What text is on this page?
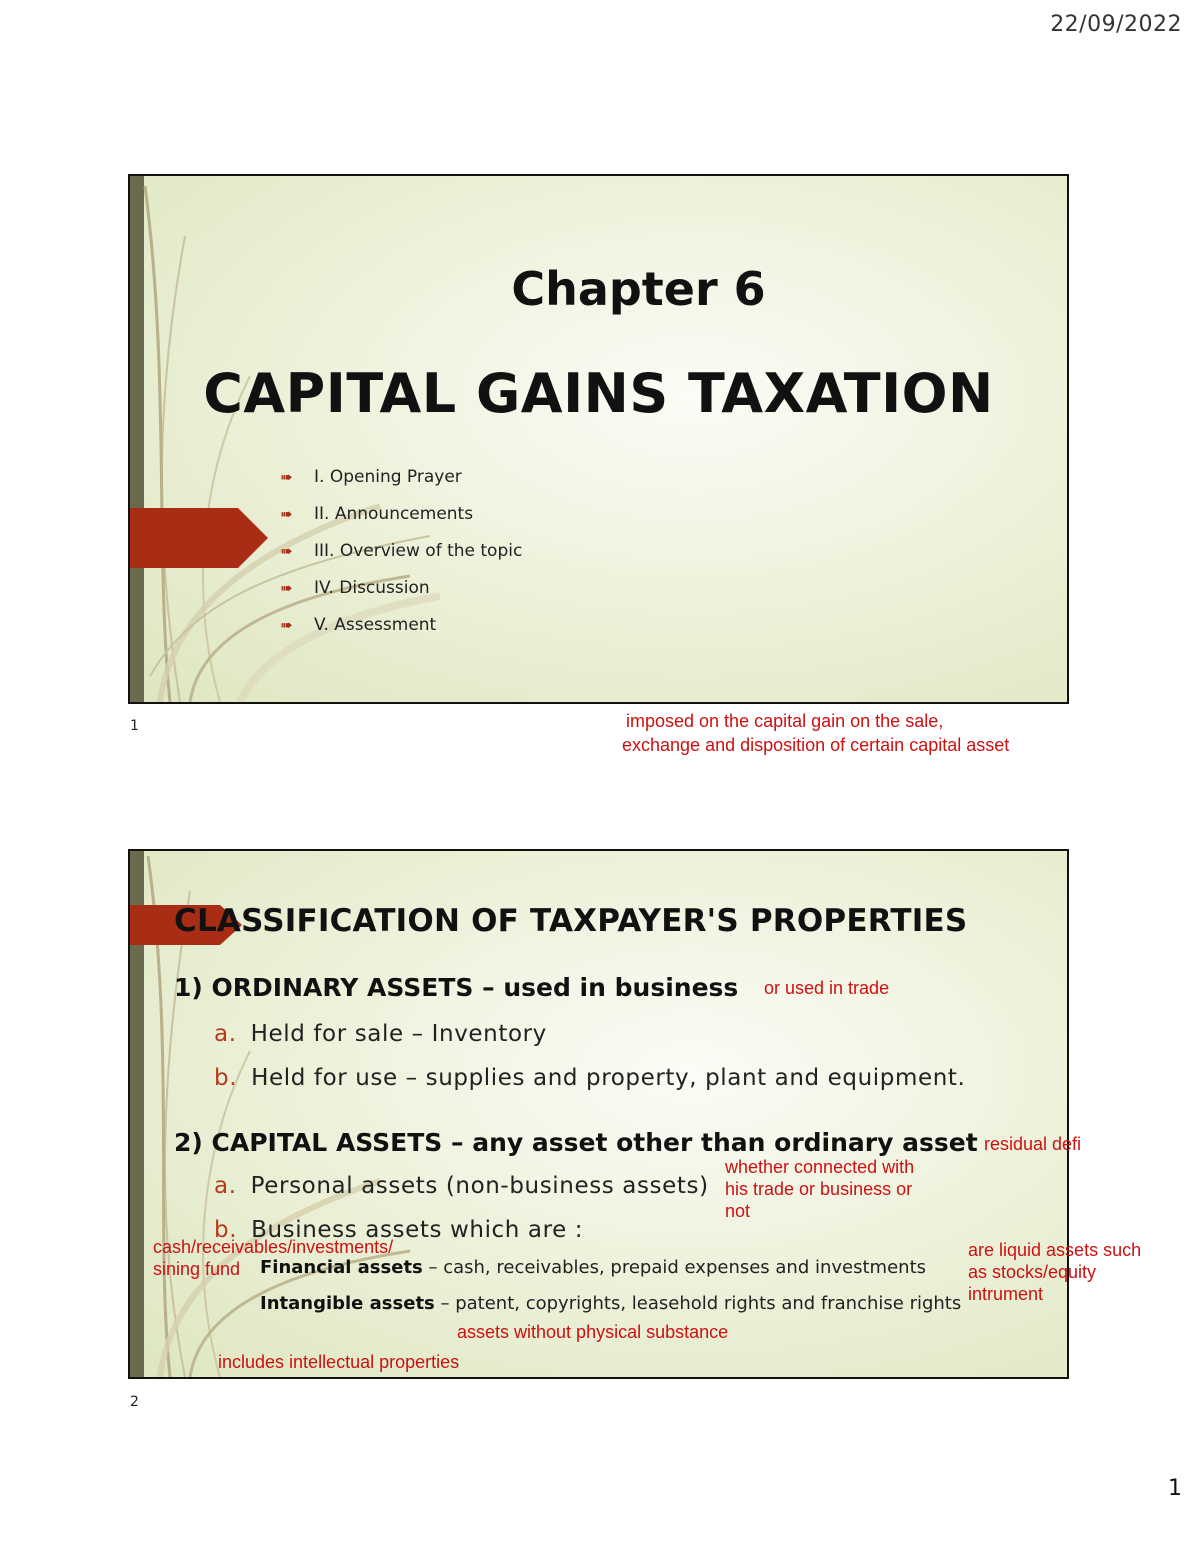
22/09/2022
Chapter 6
CAPITAL GAINS TAXATION
➠ I. Opening Prayer
➠ II. Announcements
➠ III. Overview of the topic
➠ IV. Discussion
➠ V. Assessment
1	imposed on the capital gain on the sale,
exchange and disposition of certain capital asset
CLASSIFICATION OF TAXPAYER'S PROPERTIES
1) ORDINARY ASSETS – used in business
a. Held for sale – Inventory
b. Held for use – supplies and property, plant and equipment.
2) CAPITAL ASSETS – any asset other than ordinary asset
a. Personal assets (non-business assets)
b. Business assets which are :
Financial assets – cash, receivables, prepaid expenses and investments
Intangible assets – patent, copyrights, leasehold rights and franchise rights
2
or used in trade
residual defi
whether connected with
his trade or business or
not
cash/receivables/investments/
sining fund
are liquid assets such
as stocks/equity
intrument
assets without physical substance
includes intellectual properties
1
